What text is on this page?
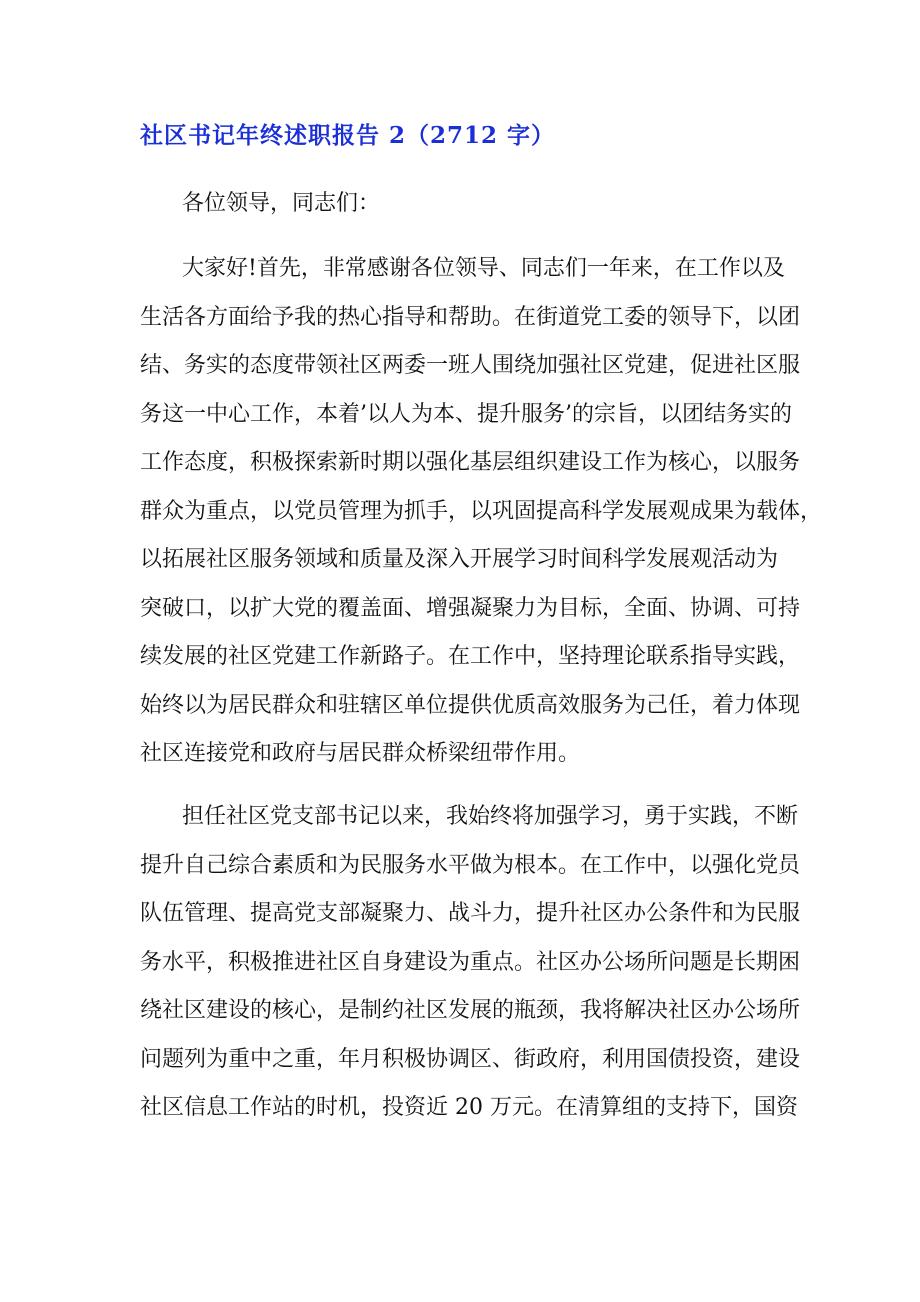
社区书记年终述职报告 2（2712 字）
各位领导，同志们：
大家好!首先，非常感谢各位领导、同志们一年来，在工作以及
生活各方面给予我的热心指导和帮助。在街道党工委的领导下，以团
结、务实的态度带领社区两委一班人围绕加强社区党建，促进社区服
务这一中心工作，本着’以人为本、提升服务’的宗旨，以团结务实的
工作态度，积极探索新时期以强化基层组织建设工作为核心，以服务
群众为重点，以党员管理为抓手，以巩固提高科学发展观成果为载体，
以拓展社区服务领域和质量及深入开展学习时间科学发展观活动为
突破口，以扩大党的覆盖面、增强凝聚力为目标，全面、协调、可持
续发展的社区党建工作新路子。在工作中，坚持理论联系指导实践，
始终以为居民群众和驻辖区单位提供优质高效服务为己任，着力体现
社区连接党和政府与居民群众桥梁纽带作用。
担任社区党支部书记以来，我始终将加强学习，勇于实践，不断
提升自己综合素质和为民服务水平做为根本。在工作中，以强化党员
队伍管理、提高党支部凝聚力、战斗力，提升社区办公条件和为民服
务水平，积极推进社区自身建设为重点。社区办公场所问题是长期困
绕社区建设的核心，是制约社区发展的瓶颈，我将解决社区办公场所
问题列为重中之重，年月积极协调区、街政府，利用国债投资，建设
社区信息工作站的时机，投资近 20 万元。在清算组的支持下，国资
